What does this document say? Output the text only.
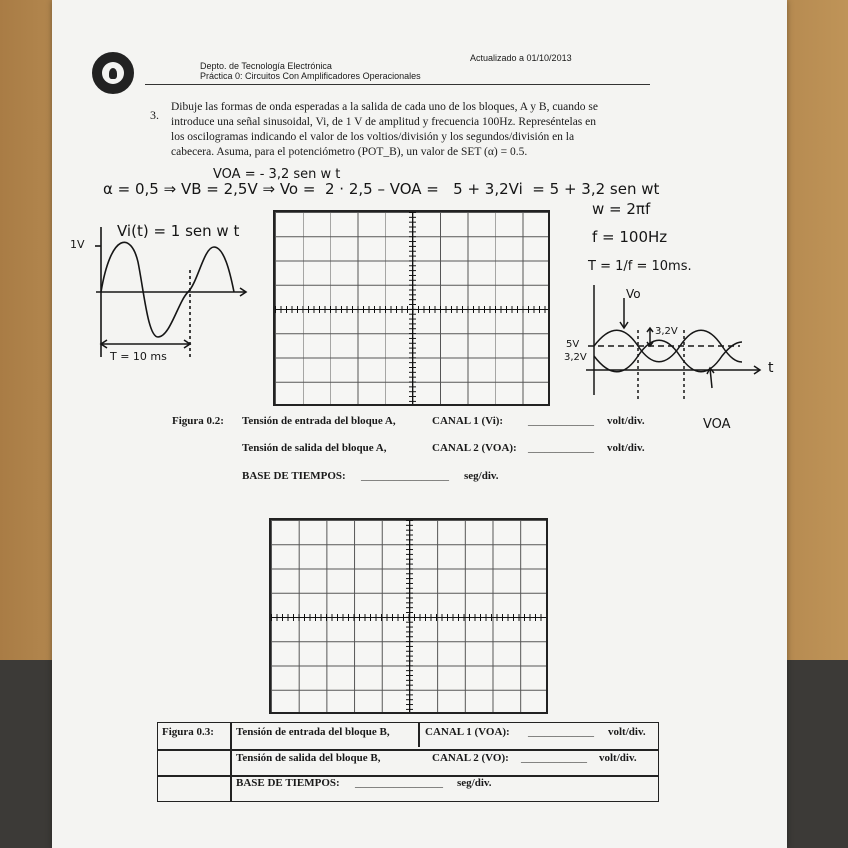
Depto. de Tecnología Electrónica
Práctica 0: Circuitos Con Amplificadores Operacionales
Actualizado a 01/10/2013
3.
Dibuje las formas de onda esperadas a la salida de cada uno de los bloques, A y B, cuando se
introduce una señal sinusoidal, Vi, de 1 V de amplitud y frecuencia 100Hz. Represéntelas en
los oscilogramas indicando el valor de los voltios/división y los segundos/división en la
cabecera. Asuma, para el potenciómetro (POT_B), un valor de SET (α) = 0.5.
VOA = - 3,2 sen w t
α = 0,5 ⇒ VB = 2,5V ⇒ Vo =  2 · 2,5 – VOA =   5 + 3,2Vi  = 5 + 3,2 sen wt
Vi(t) = 1 sen w t
1V
T = 10 ms
w = 2πf
f = 100Hz
T = 1/f = 10ms.
Vo
3,2V
5V
3,2V
t
VOA
Figura 0.2: Tensión de entrada del bloque A,	CANAL 1 (Vi): ____________ volt/div.
Tensión de salida del bloque A,	CANAL 2 (VOA): ____________ volt/div.
BASE DE TIEMPOS: ________________ seg/div.
Figura 0.3: Tensión de entrada del bloque B,	CANAL 1 (VOA): ____________ volt/div.
Tensión de salida del bloque B,	CANAL 2 (VO): ____________ volt/div.
BASE DE TIEMPOS: ________________ seg/div.
